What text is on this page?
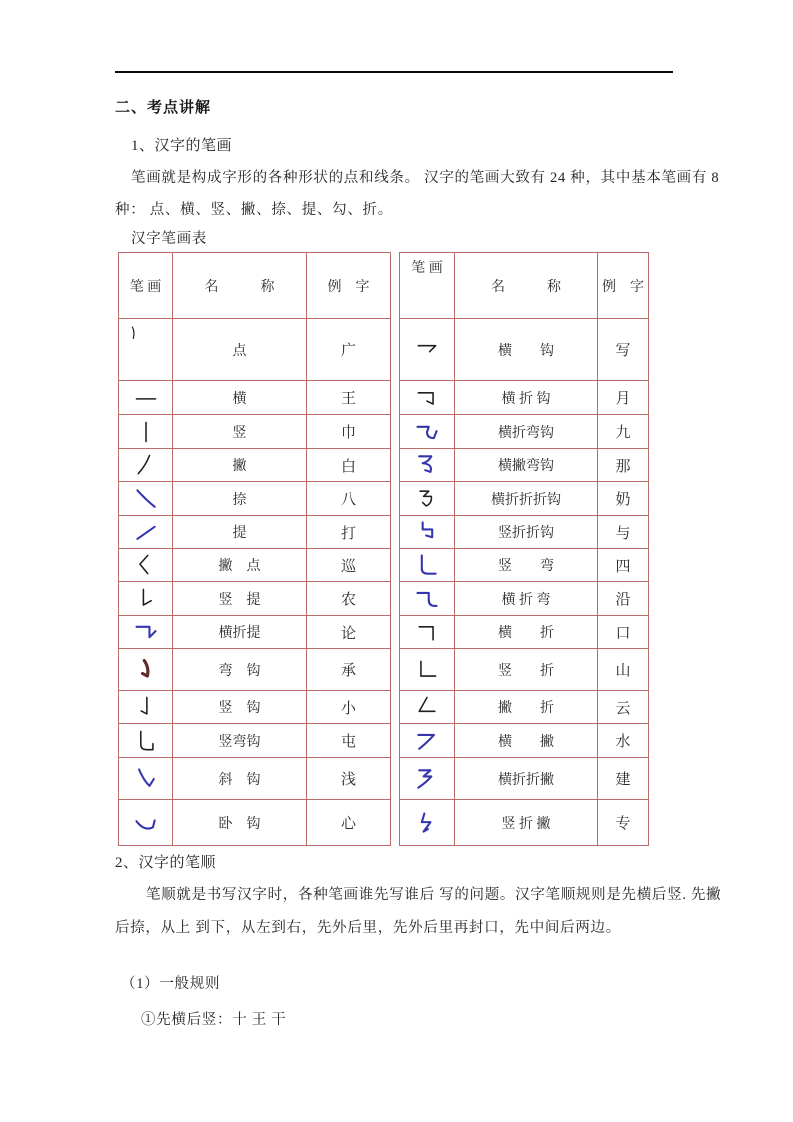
二、考点讲解
1、汉字的笔画
笔画就是构成字形的各种形状的点和线条。 汉字的笔画大致有 24 种，其中基本笔画有 8
种： 点、横、竖、撇、捺、提、勾、折。
汉字笔画表
笔 画	名　　　称	例　字
	点	广
	横	王
	竖	巾
	撇	白
	捺	八
	提	打
	撇　点	巡
	竖　提	农
	横折提	论
	弯　钩	承
	竖　钩	小
	竖弯钩	屯
	斜　钩	浅
	卧　钩	心
笔 画	名　　　称	例　字
	横　　钩	写
	横 折 钩	月
	横折弯钩	九
	横撇弯钩	那
	横折折折钩	奶
	竖折折钩	与
	竖　　弯	四
	横 折 弯	沿
	横　　折	口
	竖　　折	山
	撇　　折	云
	横　　撇	水
	横折折撇	建
	竖 折 撇	专
2、汉字的笔顺
笔顺就是书写汉字时，各种笔画谁先写谁后 写的问题。汉字笔顺规则是先横后竖. 先撇
后捺，从上 到下，从左到右，先外后里，先外后里再封口，先中间后两边。
（1）一般规则
①先横后竖：十 王 干
